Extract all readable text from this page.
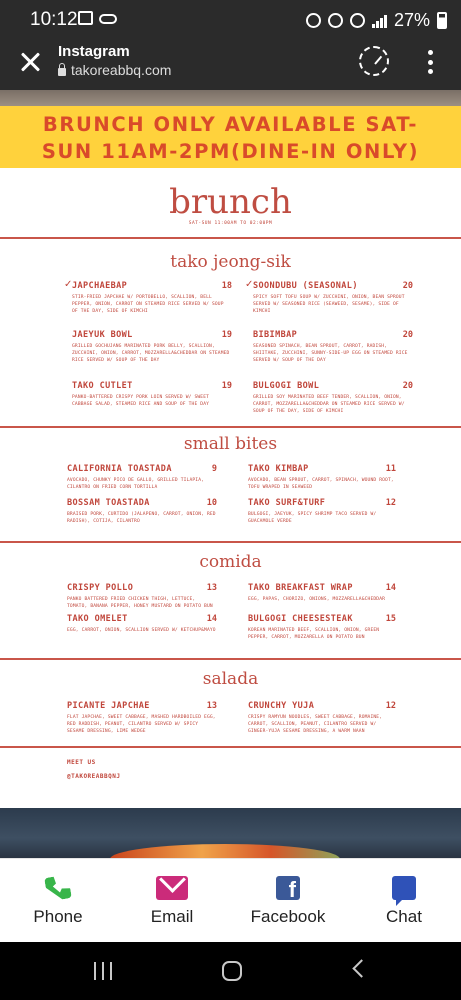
10:12	27%
Instagram
takoreabbq.com
BRUNCH ONLY AVAILABLE SAT-
SUN 11AM-2PM(DINE-IN ONLY)
brunch
SAT-SUN 11:00AM TO 02:00PM
tako jeong-sik
✓ JAPCHAEBAP	18
STIR-FRIED JAPCHAE W/ PORTOBELLO, SCALLION, BELL PEPPER, ONION, CARROT ON STEAMED RICE SERVED W/ SOUP OF THE DAY, SIDE OF KIMCHI
✓ SOONDUBU (SEASONAL)	20
SPICY SOFT TOFU SOUP W/ ZUCCHINI, ONION, BEAN SPROUT SERVED W/ SEASONED RICE (SEAWEED, SESAME), SIDE OF KIMCHI
JAEYUK BOWL	19
GRILLED GOCHUJANG MARINATED PORK BELLY, SCALLION, ZUCCHINI, ONION, CARROT, MOZZARELLA&CHEDDAR ON STEAMED RICE SERVED W/ SOUP OF THE DAY
BIBIMBAP	20
SEASONED SPINACH, BEAN SPROUT, CARROT, RADISH, SHIITAKE, ZUCCHINI, SUNNY-SIDE-UP EGG ON STEAMED RICE SERVED W/ SOUP OF THE DAY
TAKO CUTLET	19
PANKO-BATTERED CRISPY PORK LOIN SERVED W/ SWEET CABBAGE SALAD, STEAMED RICE AND SOUP OF THE DAY
BULGOGI BOWL	20
GRILLED SOY MARINATED BEEF TENDER, SCALLION, ONION, CARROT, MOZZARELLA&CHEDDAR ON STEAMED RICE SERVED W/ SOUP OF THE DAY, SIDE OF KIMCHI
small bites
CALIFORNIA TOASTADA	9
AVOCADO, CHUNKY PICO DE GALLO, GRILLED TILAPIA, CILANTRO ON FRIED CORN TORTILLA
TAKO KIMBAP	11
AVOCADO, BEAN SPROUT, CARROT, SPINACH, WOUND ROOT, TOFU WRAPED IN SEAWEED
BOSSAM TOASTADA	10
BRAISED PORK, CURTIDO (JALAPENO, CARROT, ONION, RED RADISH), COTIJA, CILANTRO
TAKO SURF&TURF	12
BULGOGI, JAEYUK, SPICY SHRIMP TACO SERVED W/ GUACAMOLE VERDE
comida
CRISPY POLLO	13
PANKO BATTERED FRIED CHICKEN THIGH, LETTUCE, TOMATO, BANANA PEPPER, HONEY MUSTARD ON POTATO BUN
TAKO BREAKFAST WRAP	14
EGG, PAPAS, CHORIZO, ONIONS, MOZZARELLA&CHEDDAR
TAKO OMELET	14
EGG, CARROT, ONION, SCALLION SERVED W/ KETCHUP&MAYO
BULGOGI CHEESESTEAK	15
KOREAN MARINATED BEEF, SCALLION, ONION, GREEN PEPPER, CARROT, MOZZARELLA ON POTATO BUN
salada
PICANTE JAPCHAE	13
FLAT JAPCHAE, SWEET CABBAGE, MASHED HARDBOILED EGG, RED RADDISH, PEANUT, CILANTRO SERVED W/ SPICY SESAME DRESSING, LIME WEDGE
CRUNCHY YUJA	12
CRISPY RAMYUN NOODLES, SWEET CABBAGE, ROMAINE, CARROT, SCALLION, PEANUT, CILANTRO SERVED W/ GINGER-YUJA SESAME DRESSING, A WARM NAAN
MEET US
@TAKOREABBQNJ
Phone	Email
f
Facebook	Chat
